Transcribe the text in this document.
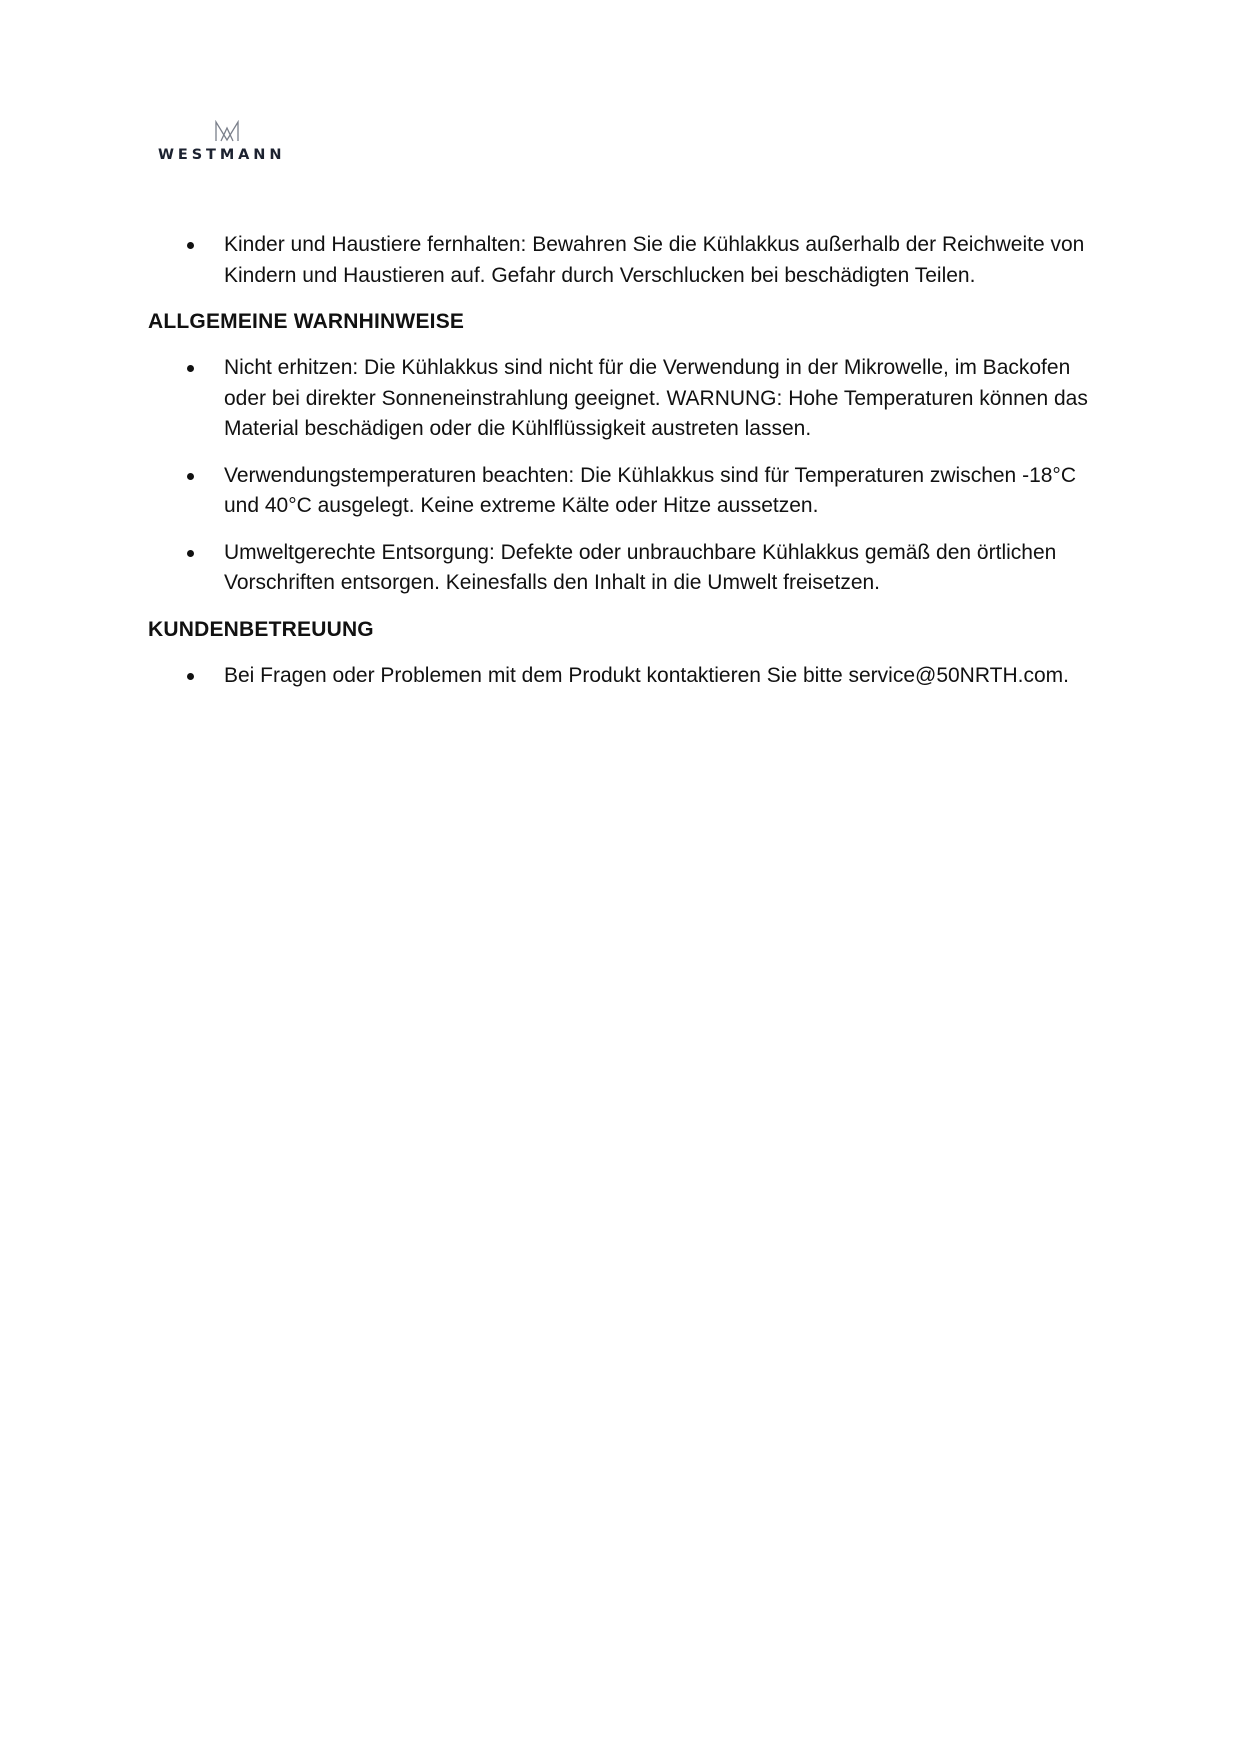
WESTMANN
Kinder und Haustiere fernhalten: Bewahren Sie die Kühlakkus außerhalb der Reichweite von Kindern und Haustieren auf. Gefahr durch Verschlucken bei beschädigten Teilen.
ALLGEMEINE WARNHINWEISE
Nicht erhitzen: Die Kühlakkus sind nicht für die Verwendung in der Mikrowelle, im Backofen oder bei direkter Sonneneinstrahlung geeignet. WARNUNG: Hohe Temperaturen können das Material beschädigen oder die Kühlflüssigkeit austreten lassen.
Verwendungstemperaturen beachten: Die Kühlakkus sind für Temperaturen zwischen -18°C und 40°C ausgelegt. Keine extreme Kälte oder Hitze aussetzen.
Umweltgerechte Entsorgung: Defekte oder unbrauchbare Kühlakkus gemäß den örtlichen Vorschriften entsorgen. Keinesfalls den Inhalt in die Umwelt freisetzen.
KUNDENBETREUUNG
Bei Fragen oder Problemen mit dem Produkt kontaktieren Sie bitte service@50NRTH.com.
